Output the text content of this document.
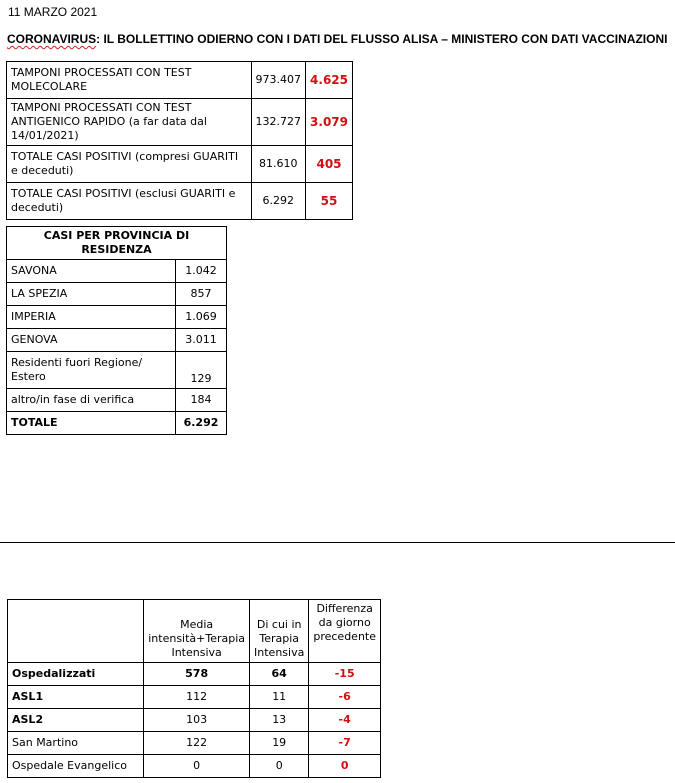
11 MARZO 2021
CORONAVIRUS: IL BOLLETTINO ODIERNO CON I DATI DEL FLUSSO ALISA – MINISTERO CON DATI VACCINAZIONI
TAMPONI PROCESSATI CON TEST MOLECOLARE	973.407	4.625
TAMPONI PROCESSATI CON TEST ANTIGENICO RAPIDO (a far data dal 14/01/2021)	132.727	3.079
TOTALE CASI POSITIVI (compresi GUARITI e deceduti)	81.610	405
TOTALE CASI POSITIVI (esclusi GUARITI e deceduti)	6.292	55
CASI PER PROVINCIA DI RESIDENZA	
SAVONA	1.042
LA SPEZIA	857
IMPERIA	1.069
GENOVA	3.011
Residenti fuori Regione/ Estero	129
altro/in fase di verifica	184
TOTALE	6.292
	Media intensità+Terapia Intensiva	Di cui in Terapia Intensiva	Differenza da giorno precedente
Ospedalizzati	578	64	-15
ASL1	112	11	-6
ASL2	103	13	-4
San Martino	122	19	-7
Ospedale Evangelico	0	0	0
